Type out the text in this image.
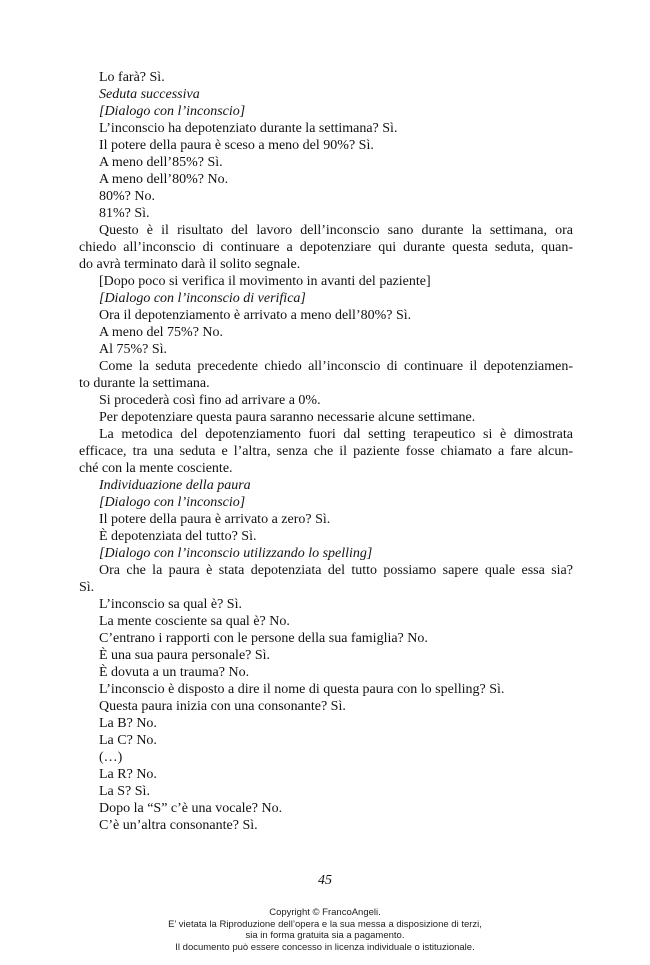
Lo farà? Sì.
Seduta successiva
[Dialogo con l’inconscio]
L’inconscio ha depotenziato durante la settimana? Sì.
Il potere della paura è sceso a meno del 90%? Sì.
A meno dell’85%? Sì.
A meno dell’80%? No.
80%? No.
81%? Sì.
Questo è il risultato del lavoro dell’inconscio sano durante la settimana, ora
chiedo all’inconscio di continuare a depotenziare qui durante questa seduta, quan-
do avrà terminato darà il solito segnale.
[Dopo poco si verifica il movimento in avanti del paziente]
[Dialogo con l’inconscio di verifica]
Ora il depotenziamento è arrivato a meno dell’80%? Sì.
A meno del 75%? No.
Al 75%? Sì.
Come la seduta precedente chiedo all’inconscio di continuare il depotenziamen-
to durante la settimana.
Si procederà così fino ad arrivare a 0%.
Per depotenziare questa paura saranno necessarie alcune settimane.
La metodica del depotenziamento fuori dal setting terapeutico si è dimostrata
efficace, tra una seduta e l’altra, senza che il paziente fosse chiamato a fare alcun-
ché con la mente cosciente.
Individuazione della paura
[Dialogo con l’inconscio]
Il potere della paura è arrivato a zero? Sì.
È depotenziata del tutto? Sì.
[Dialogo con l’inconscio utilizzando lo spelling]
Ora che la paura è stata depotenziata del tutto possiamo sapere quale essa sia?
Sì.
L’inconscio sa qual è? Sì.
La mente cosciente sa qual è? No.
C’entrano i rapporti con le persone della sua famiglia? No.
È una sua paura personale? Sì.
È dovuta a un trauma? No.
L’inconscio è disposto a dire il nome di questa paura con lo spelling? Sì.
Questa paura inizia con una consonante? Sì.
La B? No.
La C? No.
(…)
La R? No.
La S? Sì.
Dopo la “S” c’è una vocale? No.
C’è un’altra consonante? Sì.
45
Copyright © FrancoAngeli.
E’ vietata la Riproduzione dell’opera e la sua messa a disposizione di terzi,
sia in forma gratuita sia a pagamento.
Il documento può essere concesso in licenza individuale o istituzionale.
